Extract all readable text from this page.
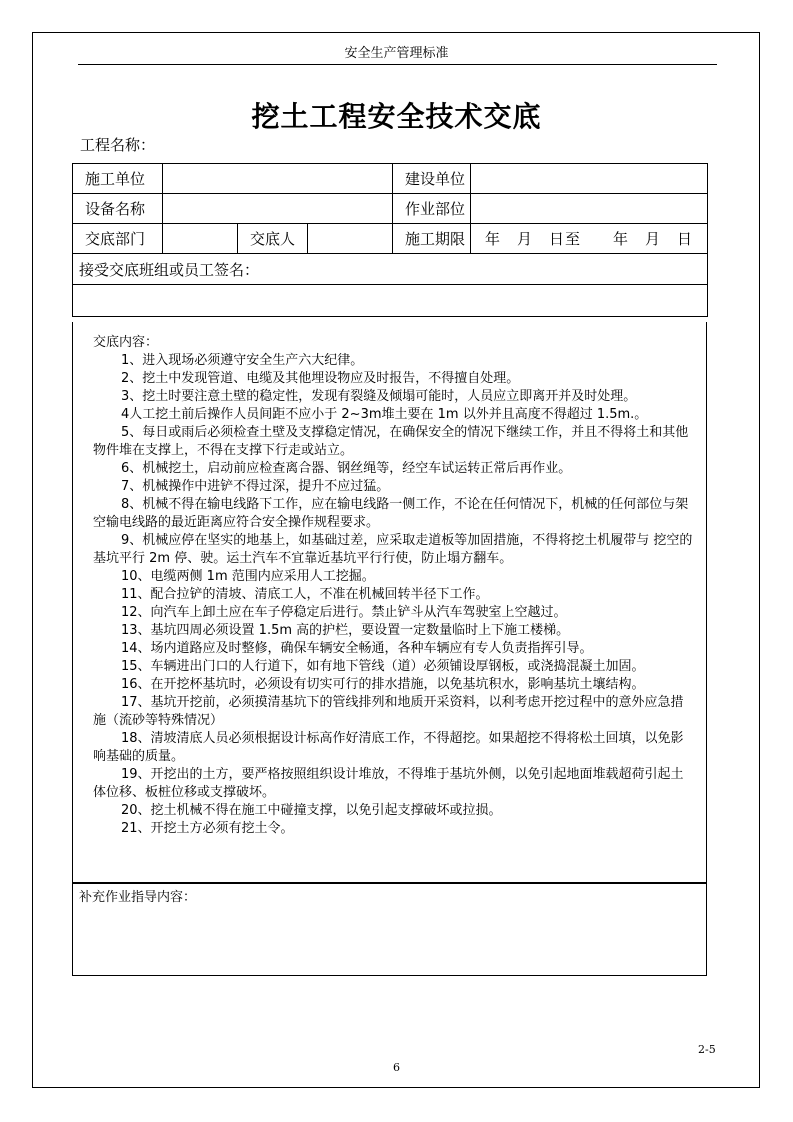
安全生产管理标准
挖土工程安全技术交底
工程名称：
施工单位				建设单位	
设备名称				作业部位	
交底部门		交底人		施工期限	年　月　日至　　年　月　日
接受交底班组或员工签名：					

交底内容：

1、进入现场必须遵守安全生产六大纪律。

2、挖土中发现管道、电缆及其他埋设物应及时报告，不得擅自处理。

3、挖土时要注意土壁的稳定性，发现有裂缝及倾塌可能时，人员应立即离开并及时处理。

4人工挖土前后操作人员间距不应小于 2~3m堆土要在 1m 以外并且高度不得超过 1.5m.。

5、每日或雨后必须检查土壁及支撑稳定情况，在确保安全的情况下继续工作，并且不得将土和其他物件堆在支撑上，不得在支撑下行走或站立。

6、机械挖土，启动前应检查离合器、钢丝绳等，经空车试运转正常后再作业。

7、机械操作中进铲不得过深，提升不应过猛。

8、机械不得在输电线路下工作，应在输电线路一侧工作，不论在任何情况下，机械的任何部位与架空输电线路的最近距离应符合安全操作规程要求。

9、机械应停在坚实的地基上，如基础过差，应采取走道板等加固措施，不得将挖土机履带与 挖空的基坑平行 2m 停、驶。运土汽车不宜靠近基坑平行行使，防止塌方翻车。

10、电缆两侧 1m 范围内应采用人工挖掘。

11、配合拉铲的清坡、清底工人，不准在机械回转半径下工作。

12、向汽车上卸土应在车子停稳定后进行。禁止铲斗从汽车驾驶室上空越过。

13、基坑四周必须设置 1.5m 高的护栏，要设置一定数量临时上下施工楼梯。

14、场内道路应及时整修，确保车辆安全畅通，各种车辆应有专人负责指挥引导。

15、车辆进出门口的人行道下，如有地下管线（道）必须铺设厚钢板，或浇捣混凝土加固。

16、在开挖杯基坑时，必须设有切实可行的排水措施，以免基坑积水，影响基坑土壤结构。

17、基坑开挖前，必须摸清基坑下的管线排列和地质开采资料，以利考虑开挖过程中的意外应急措施（流砂等特殊情况）

18、清坡清底人员必须根据设计标高作好清底工作，不得超挖。如果超挖不得将松土回填，以免影响基础的质量。

19、开挖出的土方，要严格按照组织设计堆放，不得堆于基坑外侧，以免引起地面堆载超荷引起土体位移、板桩位移或支撑破坏。

20、挖土机械不得在施工中碰撞支撑，以免引起支撑破坏或拉损。

21、开挖土方必须有挖土令。

补充作业指导内容：
2-5
6
